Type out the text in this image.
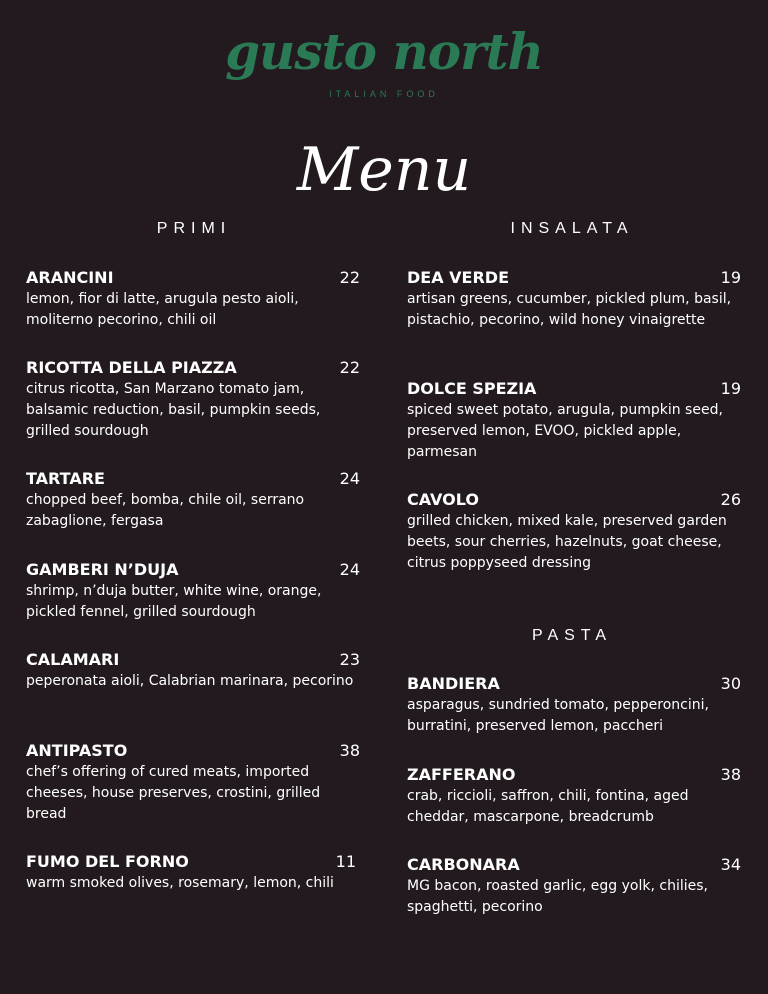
gusto north
ITALIAN FOOD
Menu
PRIMI	INSALATA
PASTA
ARANCINI	22
lemon, fior di latte, arugula pesto aioli, moliterno pecorino, chili oil
RICOTTA DELLA PIAZZA	22
citrus ricotta, San Marzano tomato jam, balsamic reduction, basil, pumpkin seeds, grilled sourdough
TARTARE	24
chopped beef, bomba, chile oil, serrano zabaglione, fergasa
GAMBERI N’DUJA	24
shrimp, n’duja butter, white wine, orange, pickled fennel, grilled sourdough
CALAMARI	23
peperonata aioli, Calabrian marinara, pecorino
ANTIPASTO	38
chef’s offering of cured meats, imported cheeses, house preserves, crostini, grilled bread
FUMO DEL FORNO	11
warm smoked olives, rosemary, lemon, chili
DEA VERDE	19
artisan greens, cucumber, pickled plum, basil, pistachio, pecorino, wild honey vinaigrette
DOLCE SPEZIA	19
spiced sweet potato, arugula, pumpkin seed, preserved lemon, EVOO, pickled apple, parmesan
CAVOLO	26
grilled chicken, mixed kale, preserved garden beets, sour cherries, hazelnuts, goat cheese, citrus poppyseed dressing
BANDIERA	30
asparagus, sundried tomato, pepperoncini, burratini, preserved lemon, paccheri
ZAFFERANO	38
crab, riccioli, saffron, chili, fontina, aged cheddar, mascarpone, breadcrumb
CARBONARA	34
MG bacon, roasted garlic, egg yolk, chilies, spaghetti, pecorino
